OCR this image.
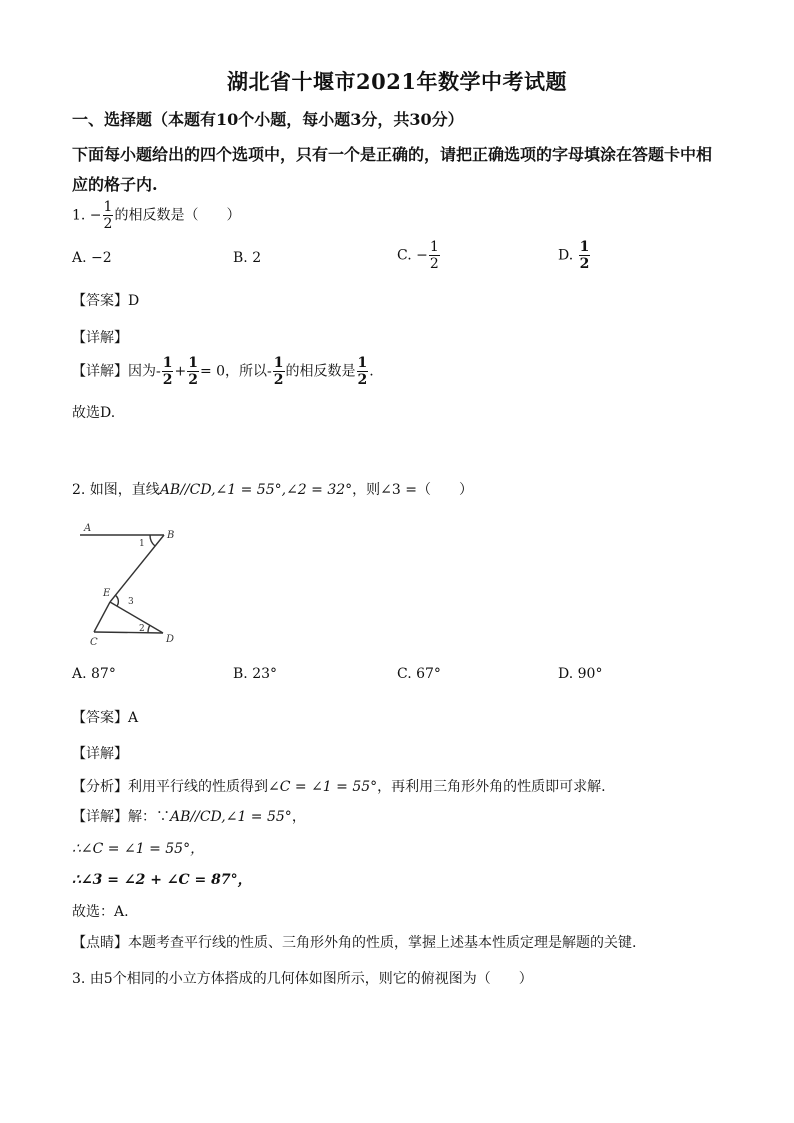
湖北省十堰市2021年数学中考试题
一、选择题（本题有10个小题，每小题3分，共30分）
下面每小题给出的四个选项中，只有一个是正确的，请把正确选项的字母填涂在答题卡中相
应的格子内.
1. − $\frac{1}{2}$ 的相反数是（　　）
A. −2	B. 2	C. − $\frac{1}{2}$	D. $\frac{1}{2}$
【答案】D
【详解】
【详解】因为- $\frac{1}{2} + \frac{1}{2} = 0$，所以- $\frac{1}{2}$ 的相反数是 $\frac{1}{2}$ .
故选D.
2. 如图，直线AB//CD,∠1 = 55°,∠2 = 32°，则∠3 =（　　）
A
B
E
C	D
1
2
3
A. 87°	B. 23°	C. 67°	D. 90°
【答案】A
【详解】
【分析】利用平行线的性质得到∠C = ∠1 = 55°，再利用三角形外角的性质即可求解.
【详解】解：∵AB//CD,∠1 = 55°，
∴∠C = ∠1 = 55°，
∴∠3 = ∠2 + ∠C = 87°，
故选：A.
【点睛】本题考查平行线的性质、三角形外角的性质，掌握上述基本性质定理是解题的关键.
3. 由5个相同的小立方体搭成的几何体如图所示，则它的俯视图为（　　）
